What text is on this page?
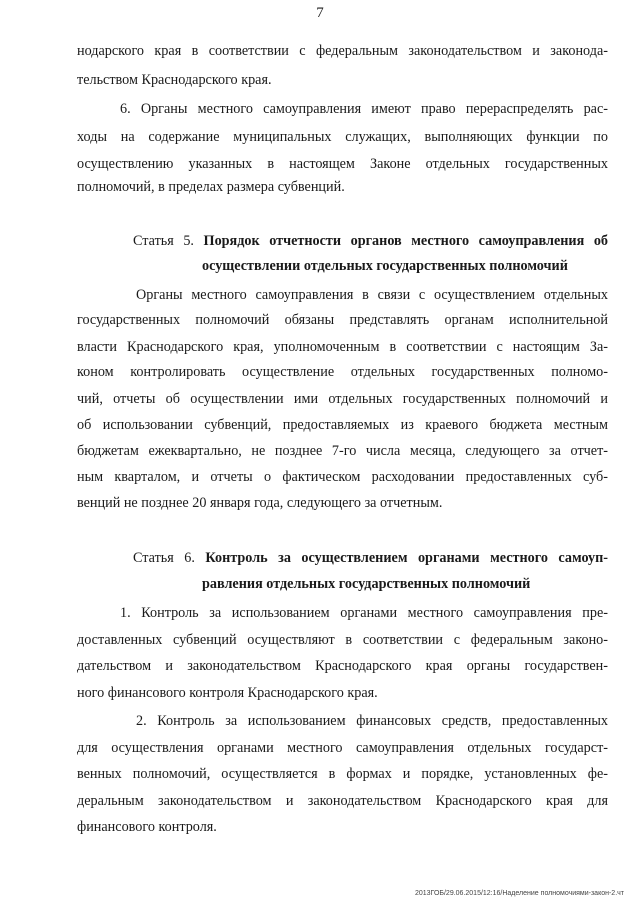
7
нодарского края в соответствии с федеральным законодательством и законода-
тельством Краснодарского края.
6. Органы местного самоуправления имеют право перераспределять рас-
ходы на содержание муниципальных служащих, выполняющих функции по
осуществлению указанных в настоящем Законе отдельных государственных
полномочий, в пределах размера субвенций.
Статья 5. Порядок отчетности органов местного самоуправления об
осуществлении отдельных государственных полномочий
Органы местного самоуправления в связи с осуществлением отдельных
государственных полномочий обязаны представлять органам исполнительной
власти Краснодарского края, уполномоченным в соответствии с настоящим За-
коном контролировать осуществление отдельных государственных полномо-
чий, отчеты об осуществлении ими отдельных государственных полномочий и
об использовании субвенций, предоставляемых из краевого бюджета местным
бюджетам ежеквартально, не позднее 7-го числа месяца, следующего за отчет-
ным кварталом, и отчеты о фактическом расходовании предоставленных суб-
венций не позднее 20 января года, следующего за отчетным.
Статья 6. Контроль за осуществлением органами местного самоуп-
равления отдельных государственных полномочий
1. Контроль за использованием органами местного самоуправления пре-
доставленных субвенций осуществляют в соответствии с федеральным законо-
дательством и законодательством Краснодарского края органы государствен-
ного финансового контроля Краснодарского края.
2. Контроль за использованием финансовых средств, предоставленных
для осуществления органами местного самоуправления отдельных государст-
венных полномочий, осуществляется в формах и порядке, установленных фе-
деральным законодательством и законодательством Краснодарского края для
финансового контроля.
2013ГОБ/29.06.2015/12:16/Наделение полномочиями-закон-2.чт
